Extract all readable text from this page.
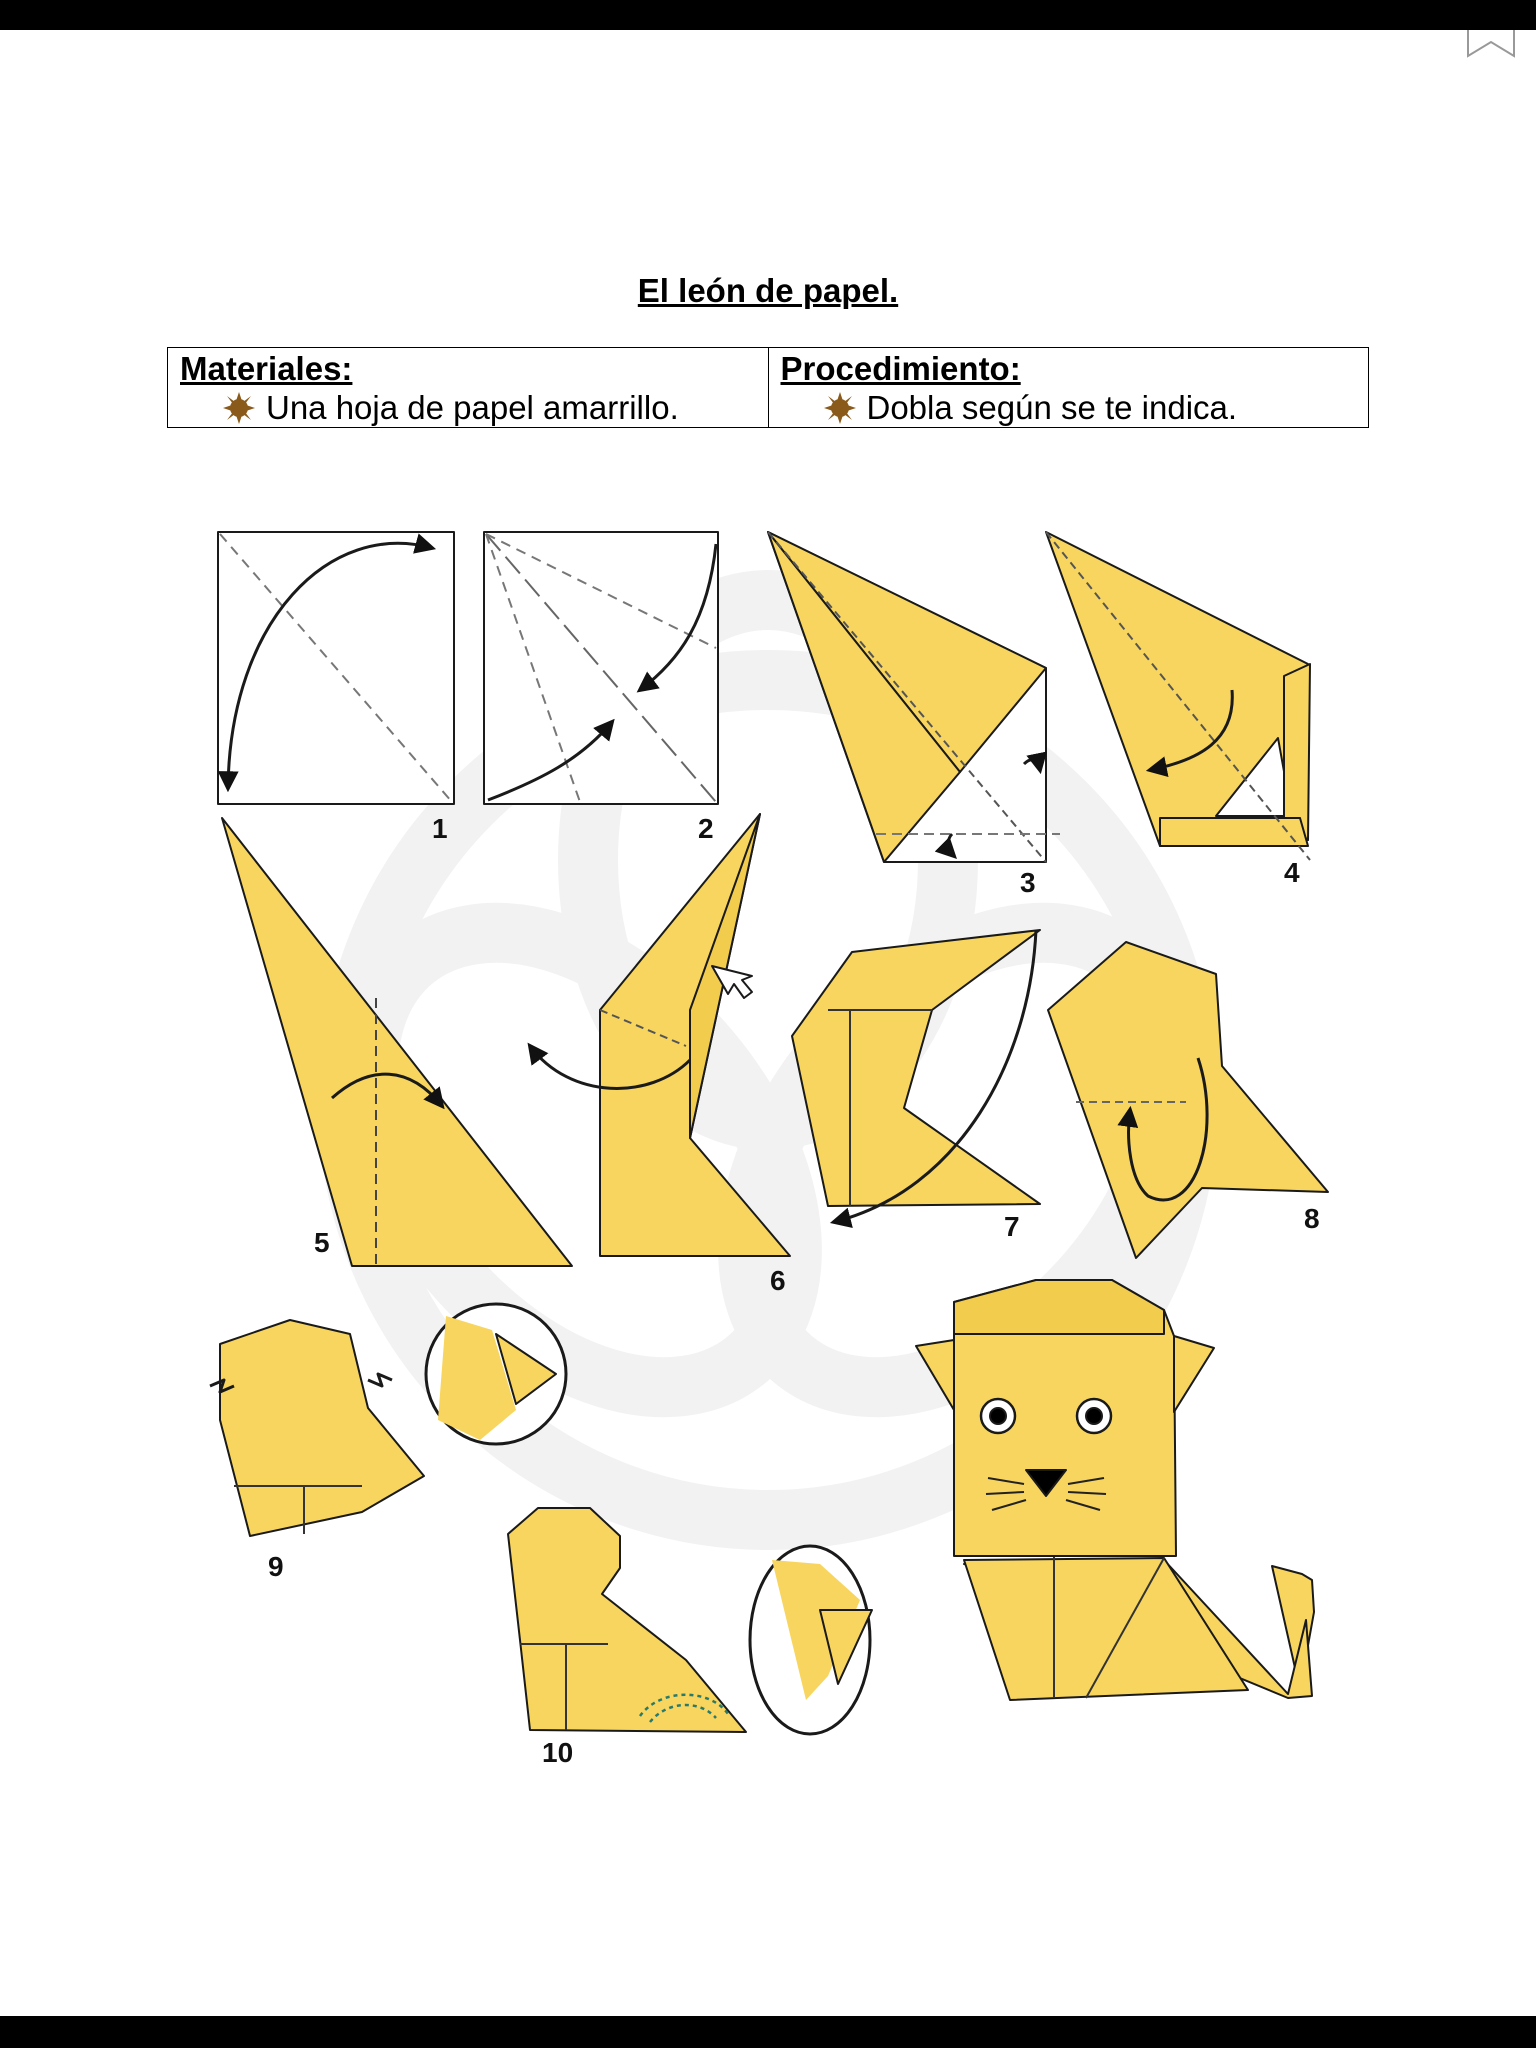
El león de papel.
Materiales:
Una hoja de papel amarrillo.
Procedimiento:
Dobla según se te indica.
1	2
3	4
5
6
7	8
9
10
